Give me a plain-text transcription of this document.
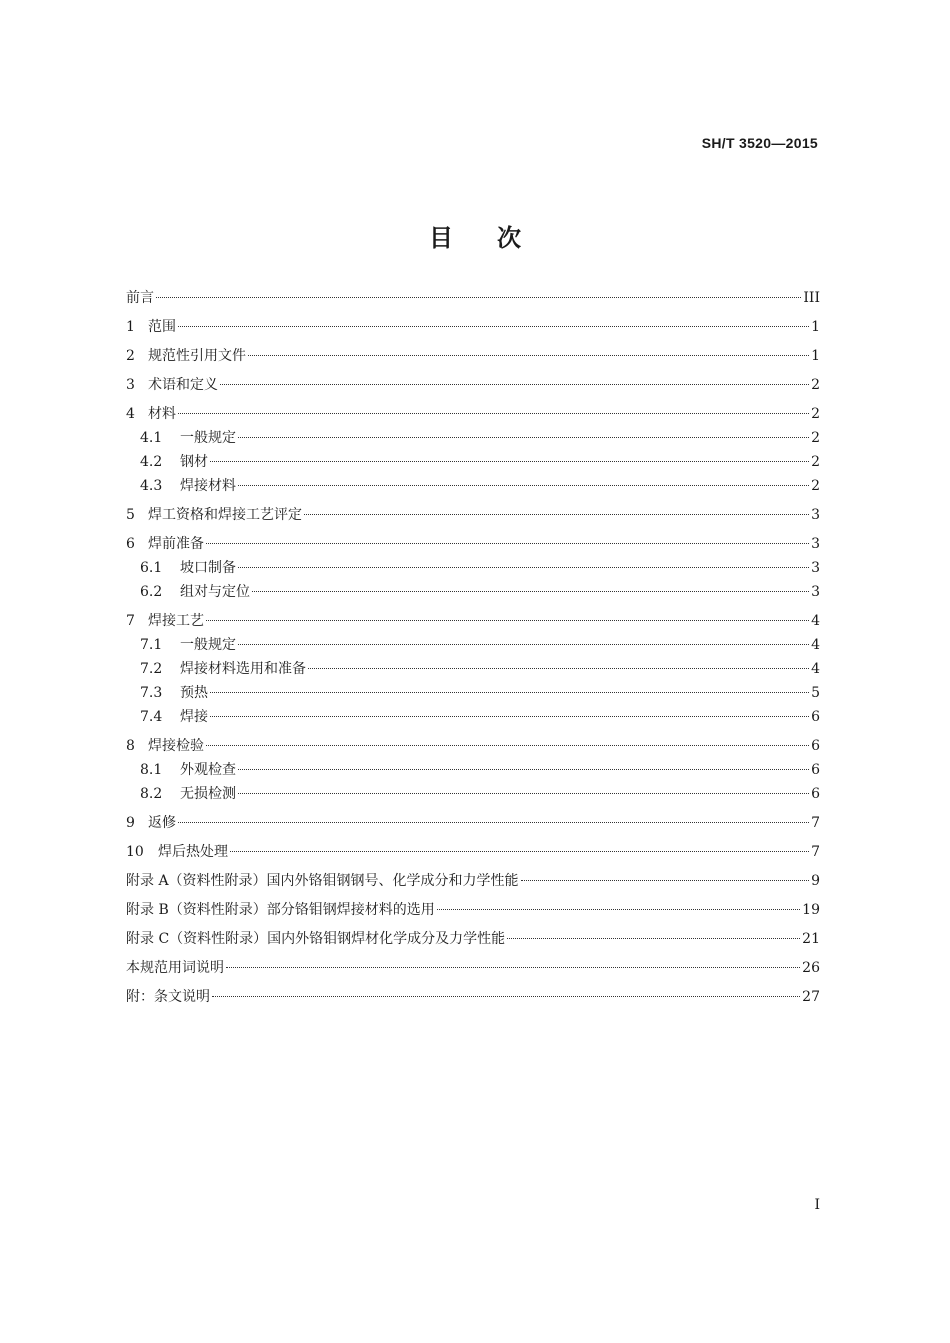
SH/T 3520—2015
目 次
前言	III
1 范围	1
2 规范性引用文件	1
3 术语和定义	2
4 材料	2
4.1	一般规定	2
4.2	钢材	2
4.3	焊接材料	2
5 焊工资格和焊接工艺评定	3
6 焊前准备	3
6.1	坡口制备	3
6.2	组对与定位	3
7 焊接工艺	4
7.1	一般规定	4
7.2	焊接材料选用和准备	4
7.3	预热	5
7.4	焊接	6
8 焊接检验	6
8.1	外观检查	6
8.2	无损检测	6
9 返修	7
10	焊后热处理	7
附录 A（资料性附录）国内外铬钼钢钢号、化学成分和力学性能	9
附录 B（资料性附录）部分铬钼钢焊接材料的选用	19
附录 C（资料性附录）国内外铬钼钢焊材化学成分及力学性能	21
本规范用词说明	26
附：条文说明	27
I
